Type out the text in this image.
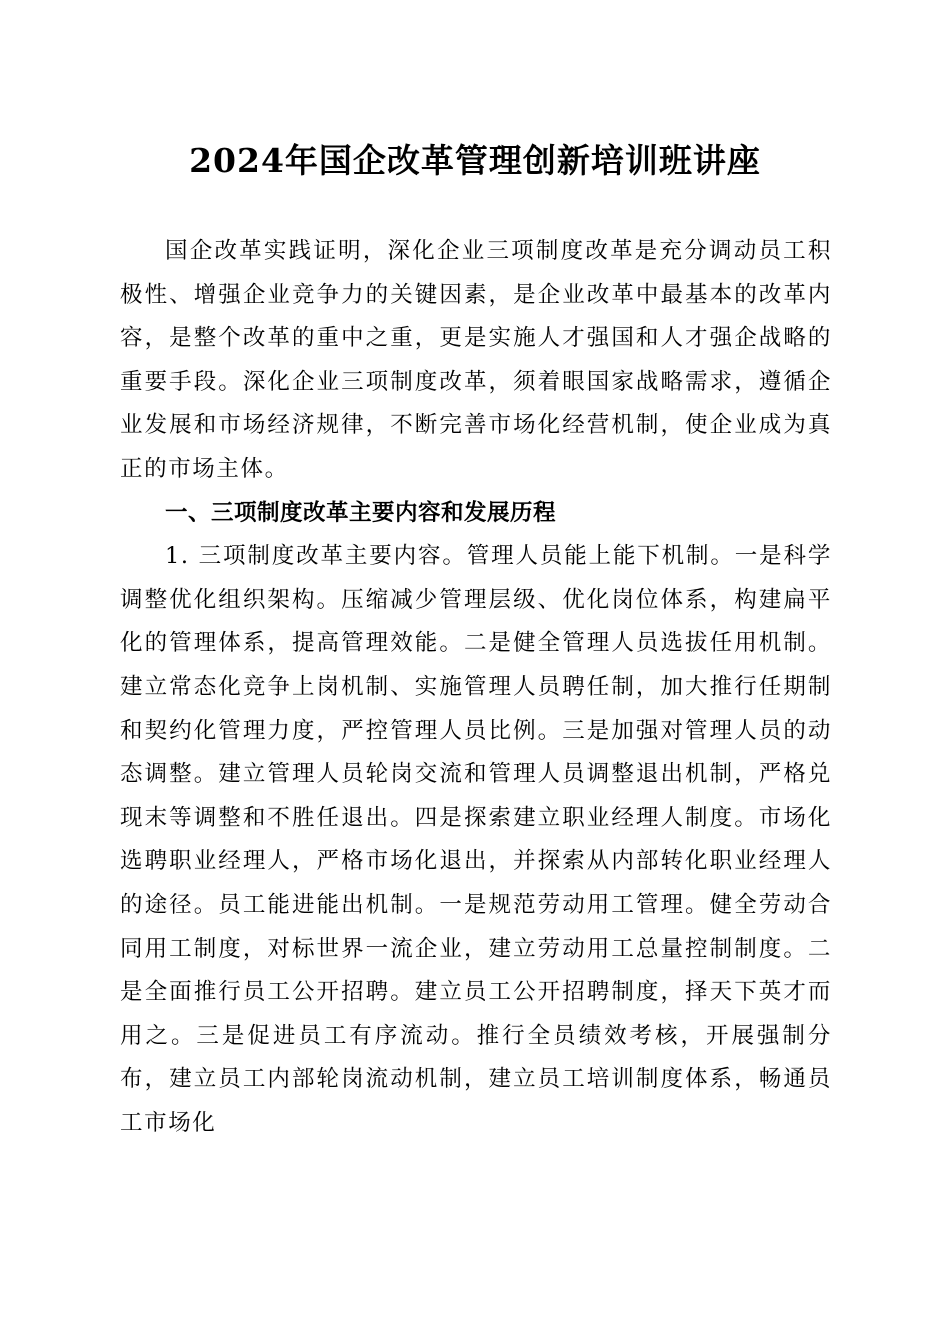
2024年国企改革管理创新培训班讲座

国企改革实践证明，深化企业三项制度改革是充分调动员工积极性、增强企业竞争力的关键因素，是企业改革中最基本的改革内容，是整个改革的重中之重，更是实施人才强国和人才强企战略的重要手段。深化企业三项制度改革，须着眼国家战略需求，遵循企业发展和市场经济规律，不断完善市场化经营机制，使企业成为真正的市场主体。

一、三项制度改革主要内容和发展历程

1. 三项制度改革主要内容。管理人员能上能下机制。一是科学调整优化组织架构。压缩减少管理层级、优化岗位体系，构建扁平化的管理体系，提高管理效能。二是健全管理人员选拔任用机制。建立常态化竞争上岗机制、实施管理人员聘任制，加大推行任期制和契约化管理力度，严控管理人员比例。三是加强对管理人员的动态调整。建立管理人员轮岗交流和管理人员调整退出机制，严格兑现末等调整和不胜任退出。四是探索建立职业经理人制度。市场化选聘职业经理人，严格市场化退出，并探索从内部转化职业经理人的途径。员工能进能出机制。一是规范劳动用工管理。健全劳动合同用工制度，对标世界一流企业，建立劳动用工总量控制制度。二是全面推行员工公开招聘。建立员工公开招聘制度，择天下英才而用之。三是促进员工有序流动。推行全员绩效考核，开展强制分布，建立员工内部轮岗流动机制，建立员工培训制度体系，畅通员工市场化
